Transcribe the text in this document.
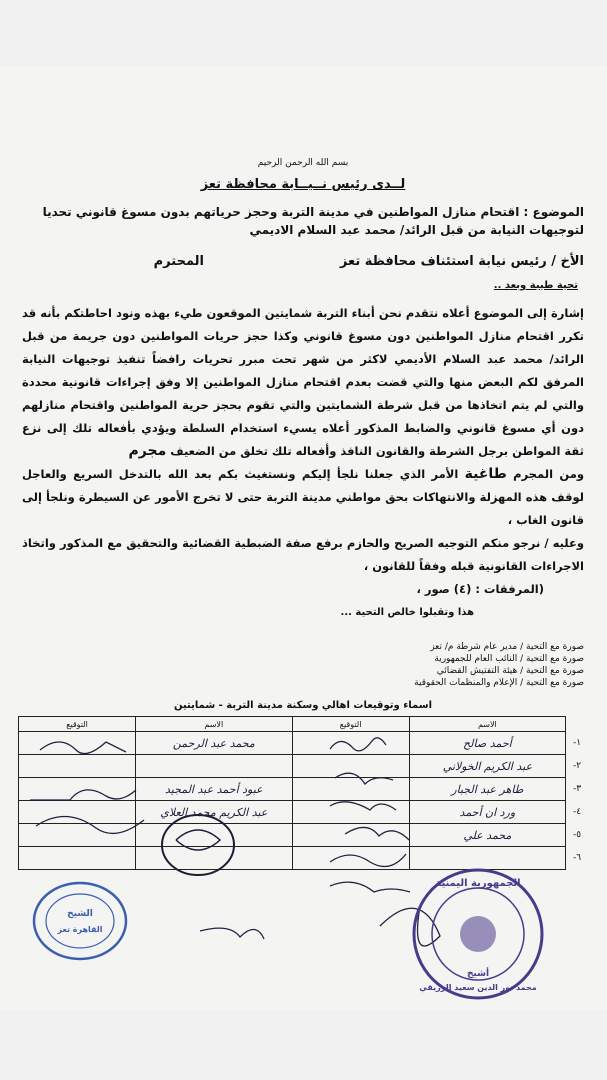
بسم الله الرحمن الرحيم
لــدى رئيس نــيــابة محافظة تعز
الموضوع : اقتحام منازل المواطنين في مدينة التربة وحجز حرياتهم بدون مسوغ قانوني تحديا لتوجيهات النيابة من قبل الرائد/ محمد عبد السلام الاديمي
الأخ / رئيس نيابة استئناف محافظة تعز
المحترم
تحية طيبة وبعد ..

إشارة إلى الموضوع أعلاه نتقدم نحن أبناء التربة شمايتين الموقعون طيء بهذه ونود احاطتكم بأنه قد تكرر اقتحام منازل المواطنين دون مسوغ قانوني وكذا حجز حريات المواطنين دون جريمة من قبل الرائد/ محمد عبد السلام الأديمي لاكثر من شهر تحت مبرر تحريات رافضاً تنفيذ توجيهات النيابة المرفق لكم البعض منها والتي قضت بعدم اقتحام منازل المواطنين إلا وفق إجراءات قانونية محددة والتي لم يتم اتخاذها من قبل شرطة الشمايتين والتي تقوم بحجز حرية المواطنين واقتحام منازلهم دون أي مسوغ قانوني والضابط المذكور أعلاه يسيء استخدام السلطة ويؤدي بأفعاله تلك إلى نزع ثقة المواطن برجل الشرطة والقانون النافذ وأفعاله تلك تخلق من الضعيف مجرم

ومن المجرم طاغية الأمر الذي جعلنا نلجأ إليكم ونستغيث بكم بعد الله بالتدخل السريع والعاجل لوقف هذه المهزلة والانتهاكات بحق مواطني مدينة التربة حتى لا تخرج الأمور عن السيطرة ونلجأ إلى قانون الغاب ،

وعليه / نرجو منكم التوجيه الصريح والحازم برفع صفة الضبطية القضائية والتحقيق مع المذكور واتخاذ الاجراءات القانونية قبله وفقاً للقانون ،

(المرفقات : (٤) صور ،

هذا وتقبلوا خالص التحية ...

صورة مع التحية / مدير عام شرطة م/ تعز
صورة مع التحية / النائب العام للجمهورية
صورة مع التحية / هيئة التفتيش القضائي
صورة مع التحية / الإعلام والمنظمات الحقوقية
اسماء وتوقيعات اهالي وسكنة مدينة التربة - شمايتين
	الاسم	التوقيع	الاسم	التوقيع
١-	أحمد صالح		محمد عبد الرحمن	
٢-	عبد الكريم الخولاني			
٣-	طاهر عبد الجبار		عبود أحمد عبد المجيد	
٤-	ورد ان أحمد		عبد الكريم محمد العلاي	
٥-	محمد علي			
٦-				
الشيخ
القاهرة تعز
الجمهورية اليمنية
أشيخ
محمد نور الدين سعيد الزريقي
